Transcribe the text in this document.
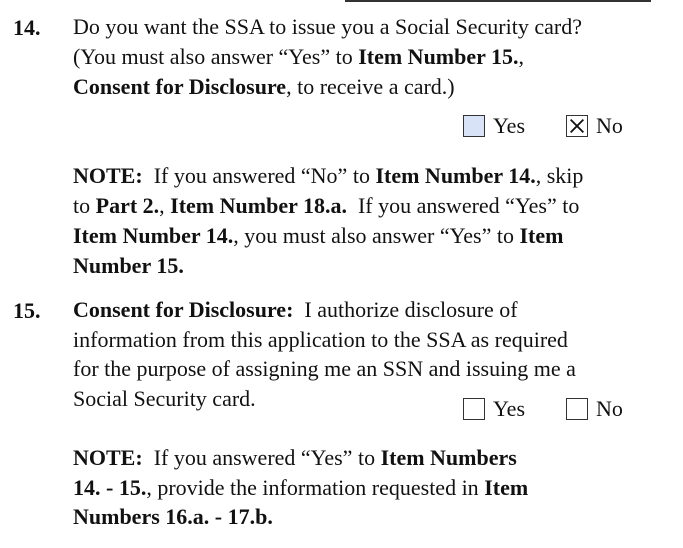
14. Do you want the SSA to issue you a Social Security card?
(You must also answer “Yes” to Item Number 15.,
Consent for Disclosure, to receive a card.)
Yes	No
NOTE:  If you answered “No” to Item Number 14., skip
to Part 2., Item Number 18.a.  If you answered “Yes” to
Item Number 14., you must also answer “Yes” to Item
Number 15.
15. Consent for Disclosure:  I authorize disclosure of
information from this application to the SSA as required
for the purpose of assigning me an SSN and issuing me a
Social Security card.	Yes	No
NOTE:  If you answered “Yes” to Item Numbers
14. - 15., provide the information requested in Item
Numbers 16.a. - 17.b.
